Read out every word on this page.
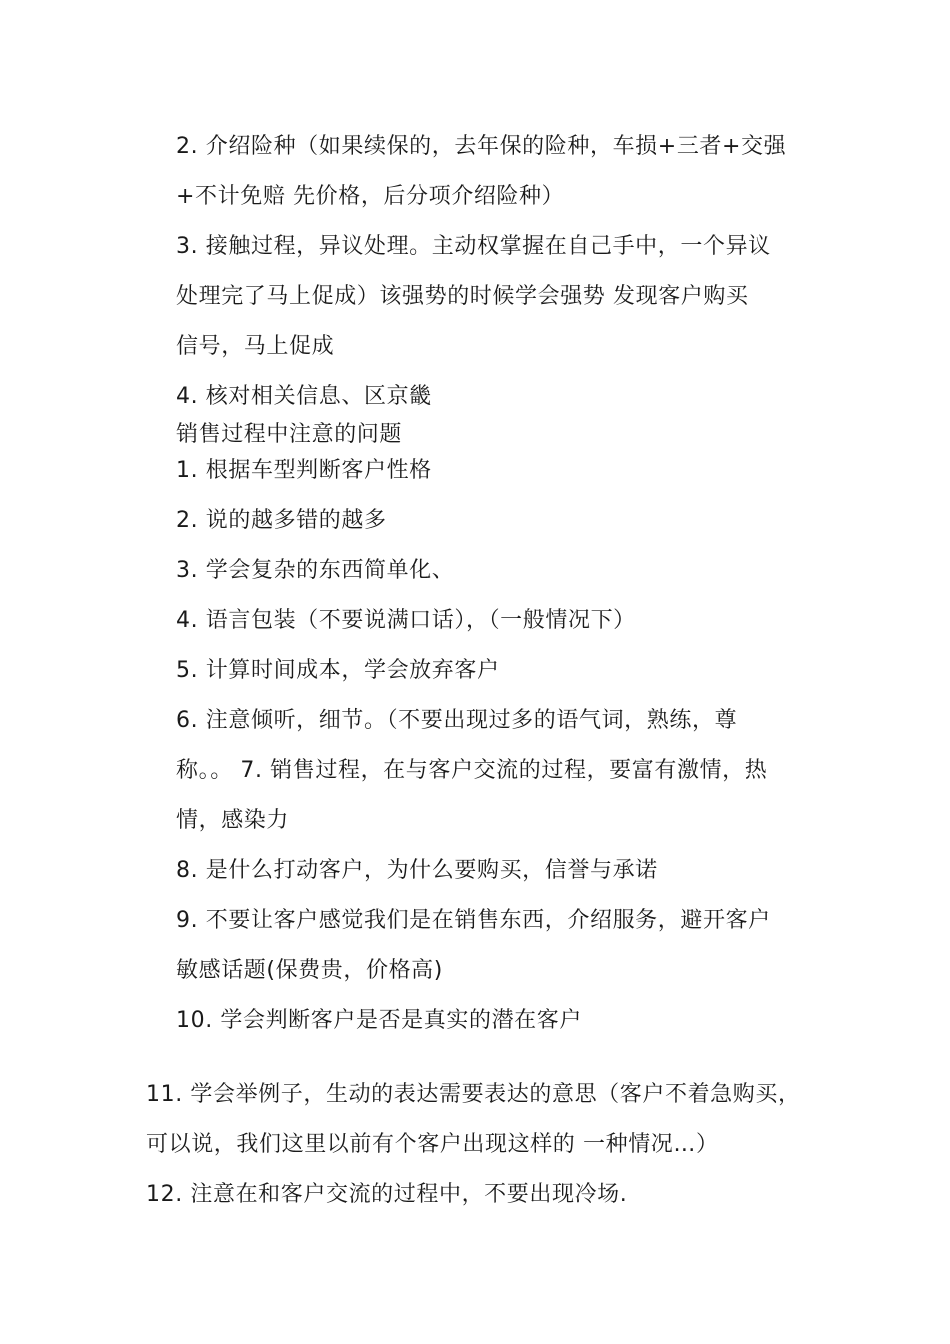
2. 介绍险种（如果续保的，去年保的险种，车损+三者+交强
+不计免赔 先价格，后分项介绍险种）
3. 接触过程，异议处理。主动权掌握在自己手中，一个异议
处理完了马上促成）该强势的时候学会强势 发现客户购买
信号，马上促成
4. 核对相关信息、区京畿
销售过程中注意的问题
1. 根据车型判断客户性格
2. 说的越多错的越多
3. 学会复杂的东西简单化、
4. 语言包装（不要说满口话），（一般情况下）
5. 计算时间成本，学会放弃客户
6. 注意倾听，细节。（不要出现过多的语气词，熟练，尊
称。。 7. 销售过程，在与客户交流的过程，要富有激情，热
情，感染力
8. 是什么打动客户，为什么要购买，信誉与承诺
9. 不要让客户感觉我们是在销售东西，介绍服务，避开客户
敏感话题(保费贵，价格高)
10. 学会判断客户是否是真实的潜在客户
11. 学会举例子，生动的表达需要表达的意思（客户不着急购买，
可以说，我们这里以前有个客户出现这样的 一种情况…）
12. 注意在和客户交流的过程中，不要出现冷场.
